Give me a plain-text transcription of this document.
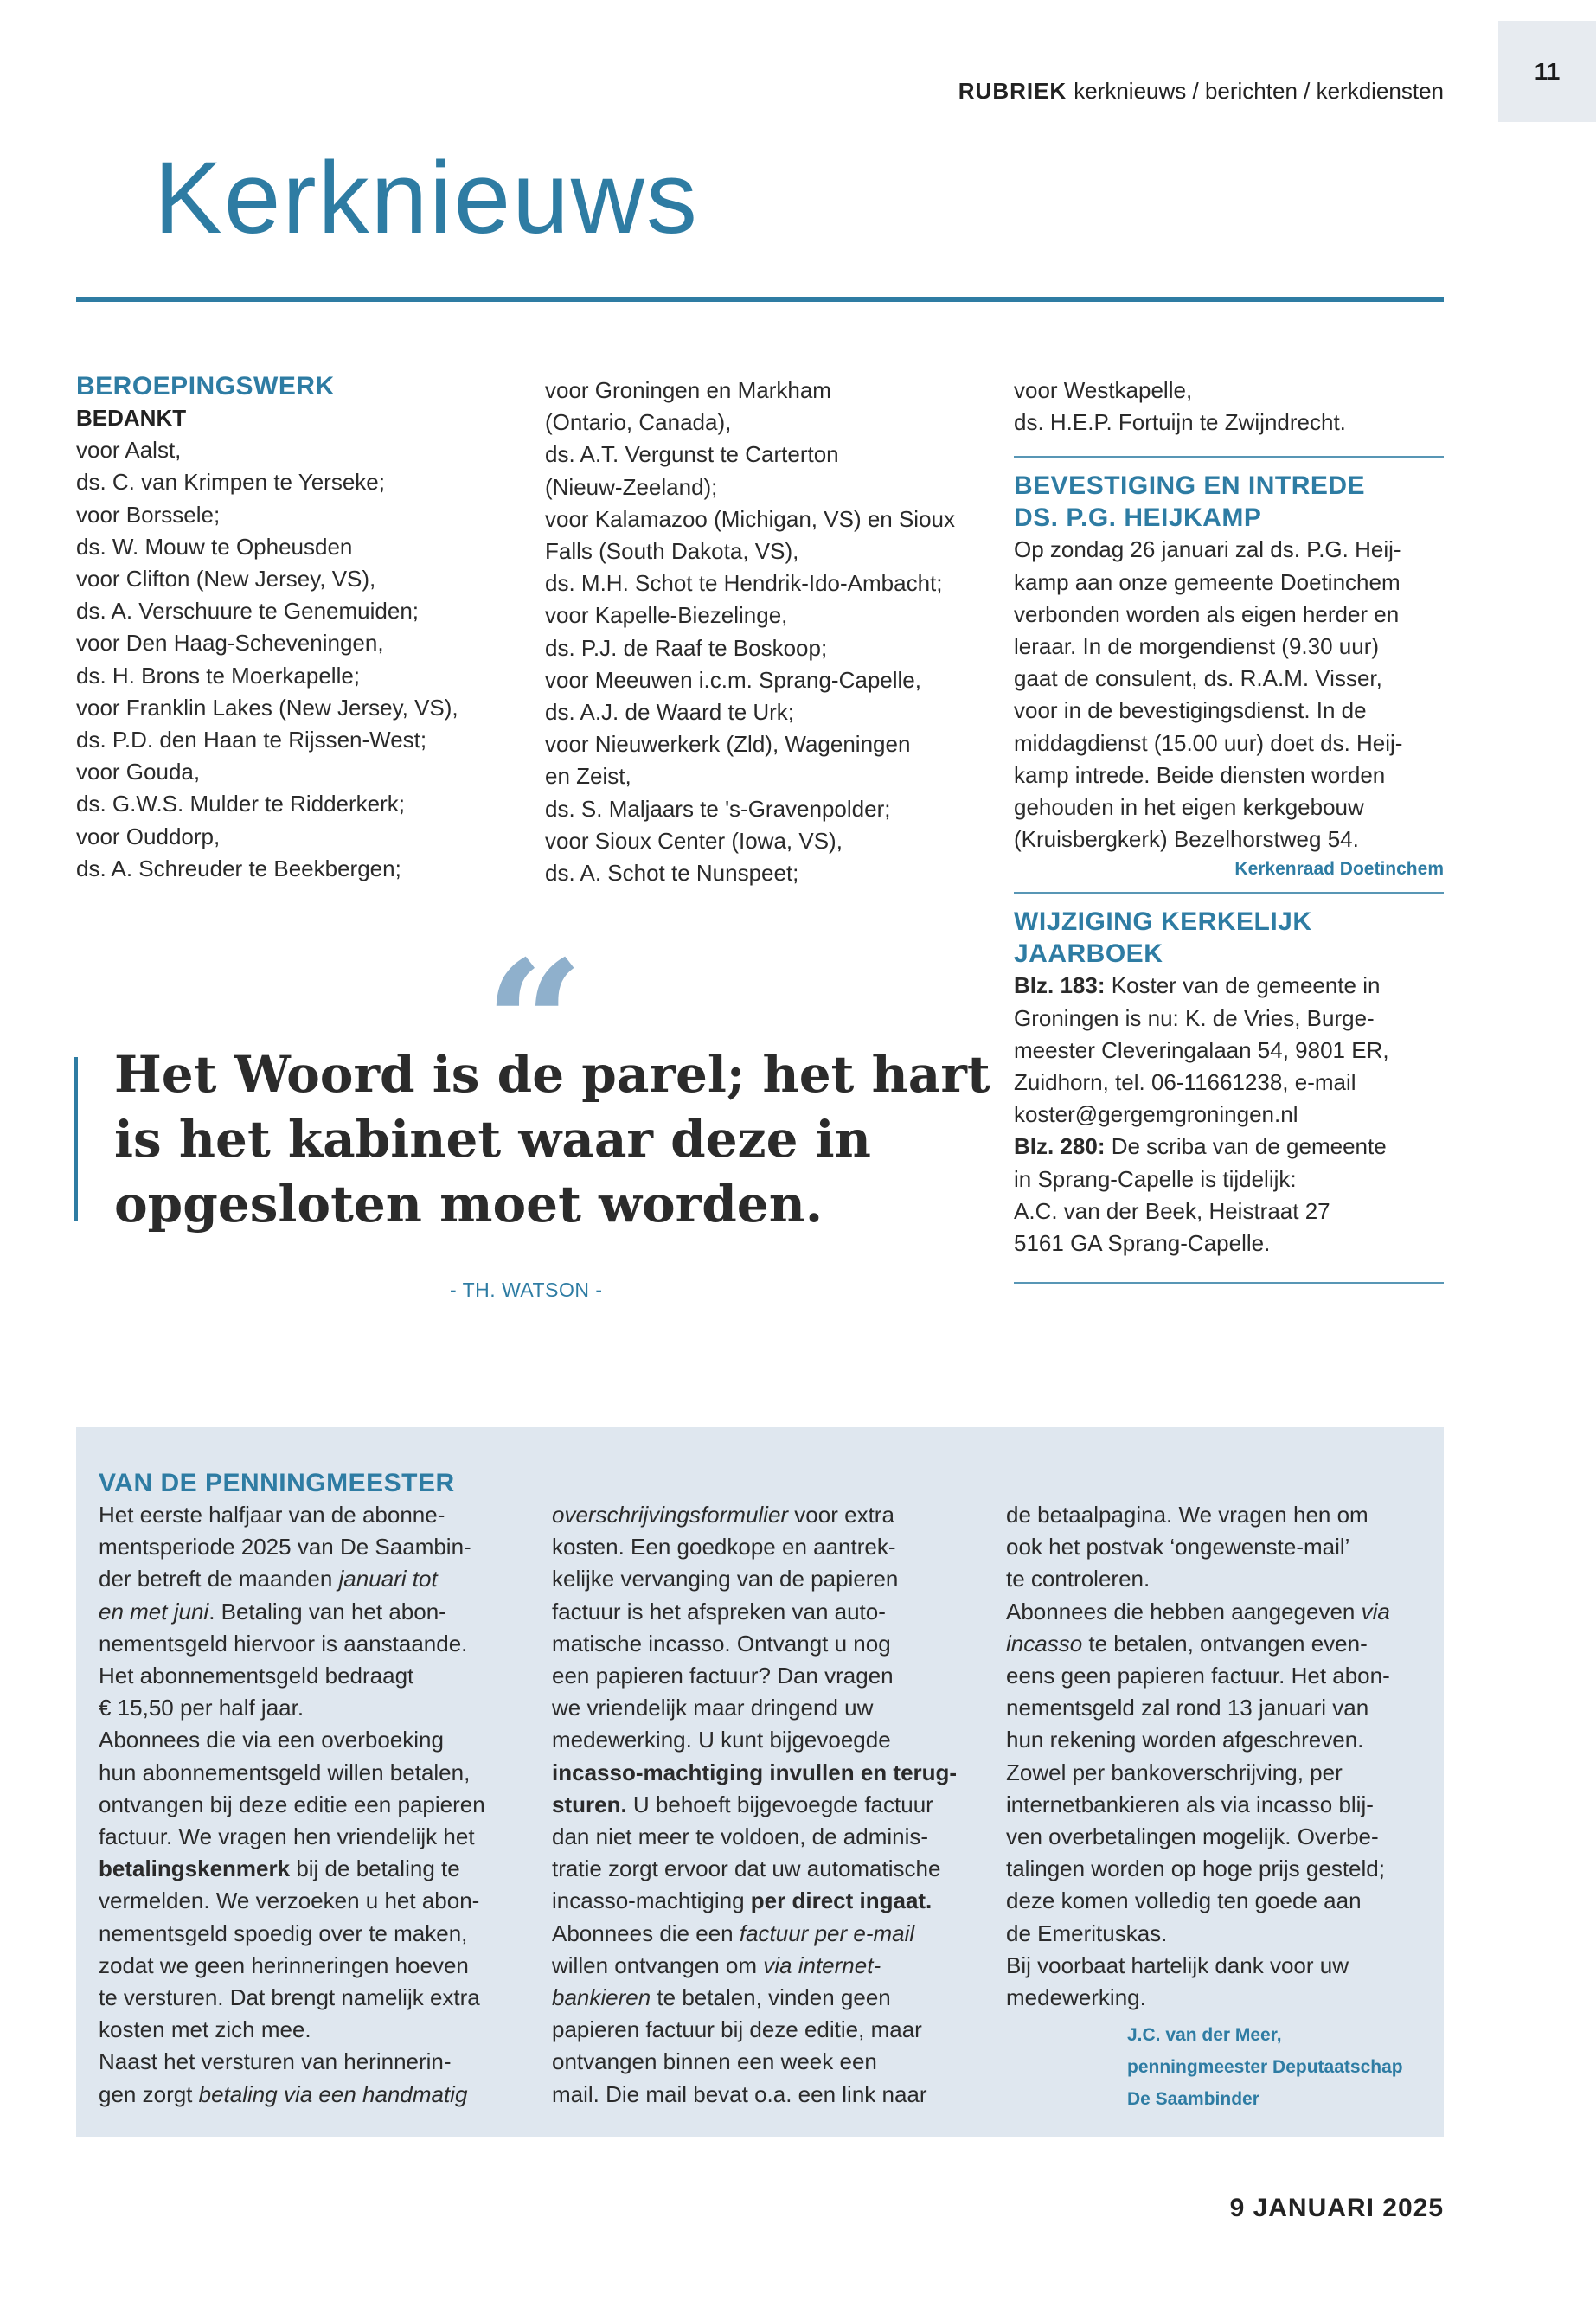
11
RUBRIEK kerknieuws / berichten / kerkdiensten
Kerknieuws
BEROEPINGSWERK
BEDANKT
voor Aalst,
ds. C. van Krimpen te Yerseke;
voor Borssele;
ds. W. Mouw te Opheusden
voor Clifton (New Jersey, VS),
ds. A. Verschuure te Genemuiden;
voor Den Haag-Scheveningen,
ds. H. Brons te Moerkapelle;
voor Franklin Lakes (New Jersey, VS),
ds. P.D. den Haan te Rijssen-West;
voor Gouda,
ds. G.W.S. Mulder te Ridderkerk;
voor Ouddorp,
ds. A. Schreuder te Beekbergen;
voor Groningen en Markham
(Ontario, Canada),
ds. A.T. Vergunst te Carterton
(Nieuw-Zeeland);
voor Kalamazoo (Michigan, VS) en Sioux
Falls (South Dakota, VS),
ds. M.H. Schot te Hendrik-Ido-Ambacht;
voor Kapelle-Biezelinge,
ds. P.J. de Raaf te Boskoop;
voor Meeuwen i.c.m. Sprang-Capelle,
ds. A.J. de Waard te Urk;
voor Nieuwerkerk (Zld), Wageningen
en Zeist,
ds. S. Maljaars te 's-Gravenpolder;
voor Sioux Center (Iowa, VS),
ds. A. Schot te Nunspeet;
voor Westkapelle,
ds. H.E.P. Fortuijn te Zwijndrecht.
BEVESTIGING EN INTREDE
DS. P.G. HEIJKAMP
Op zondag 26 januari zal ds. P.G. Heij-
kamp aan onze gemeente Doetinchem
verbonden worden als eigen herder en
leraar. In de morgendienst (9.30 uur)
gaat de consulent, ds. R.A.M. Visser,
voor in de bevestigingsdienst. In de
middagdienst (15.00 uur) doet ds. Heij-
kamp intrede. Beide diensten worden
gehouden in het eigen kerkgebouw
(Kruisbergkerk) Bezelhorstweg 54.
Kerkenraad Doetinchem
WIJZIGING KERKELIJK
JAARBOEK
Blz. 183: Koster van de gemeente in
Groningen is nu: K. de Vries, Burge-
meester Cleveringalaan 54, 9801 ER,
Zuidhorn, tel. 06-11661238, e-mail
koster@gergemgroningen.nl
Blz. 280: De scriba van de gemeente
in Sprang-Capelle is tijdelijk:
A.C. van der Beek, Heistraat 27
5161 GA Sprang-Capelle.
“
Het Woord is de parel; het hart
is het kabinet waar deze in
opgesloten moet worden.
- TH. WATSON -
VAN DE PENNINGMEESTER
Het eerste halfjaar van de abonne-
mentsperiode 2025 van De Saambin-
der betreft de maanden januari tot
en met juni. Betaling van het abon-
nementsgeld hiervoor is aanstaande.
Het abonnementsgeld bedraagt
€ 15,50 per half jaar.
Abonnees die via een overboeking
hun abonnementsgeld willen betalen,
ontvangen bij deze editie een papieren
factuur. We vragen hen vriendelijk het
betalingskenmerk bij de betaling te
vermelden. We verzoeken u het abon-
nementsgeld spoedig over te maken,
zodat we geen herinneringen hoeven
te versturen. Dat brengt namelijk extra
kosten met zich mee.
Naast het versturen van herinnerin-
gen zorgt betaling via een handmatig
overschrijvingsformulier voor extra
kosten. Een goedkope en aantrek-
kelijke vervanging van de papieren
factuur is het afspreken van auto-
matische incasso. Ontvangt u nog
een papieren factuur? Dan vragen
we vriendelijk maar dringend uw
medewerking. U kunt bijgevoegde
incasso-machtiging invullen en terug-
sturen. U behoeft bijgevoegde factuur
dan niet meer te voldoen, de adminis-
tratie zorgt ervoor dat uw automatische
incasso-machtiging per direct ingaat.
Abonnees die een factuur per e-mail
willen ontvangen om via internet-
bankieren te betalen, vinden geen
papieren factuur bij deze editie, maar
ontvangen binnen een week een
mail. Die mail bevat o.a. een link naar
de betaalpagina. We vragen hen om
ook het postvak ‘ongewenste-mail’
te controleren.
Abonnees die hebben aangegeven via
incasso te betalen, ontvangen even-
eens geen papieren factuur. Het abon-
nementsgeld zal rond 13 januari van
hun rekening worden afgeschreven.
Zowel per bankoverschrijving, per
internetbankieren als via incasso blij-
ven overbetalingen mogelijk. Overbe-
talingen worden op hoge prijs gesteld;
deze komen volledig ten goede aan
de Emerituskas.
Bij voorbaat hartelijk dank voor uw
medewerking.
J.C. van der Meer,
penningmeester Deputaatschap
De Saambinder
9 JANUARI 2025
